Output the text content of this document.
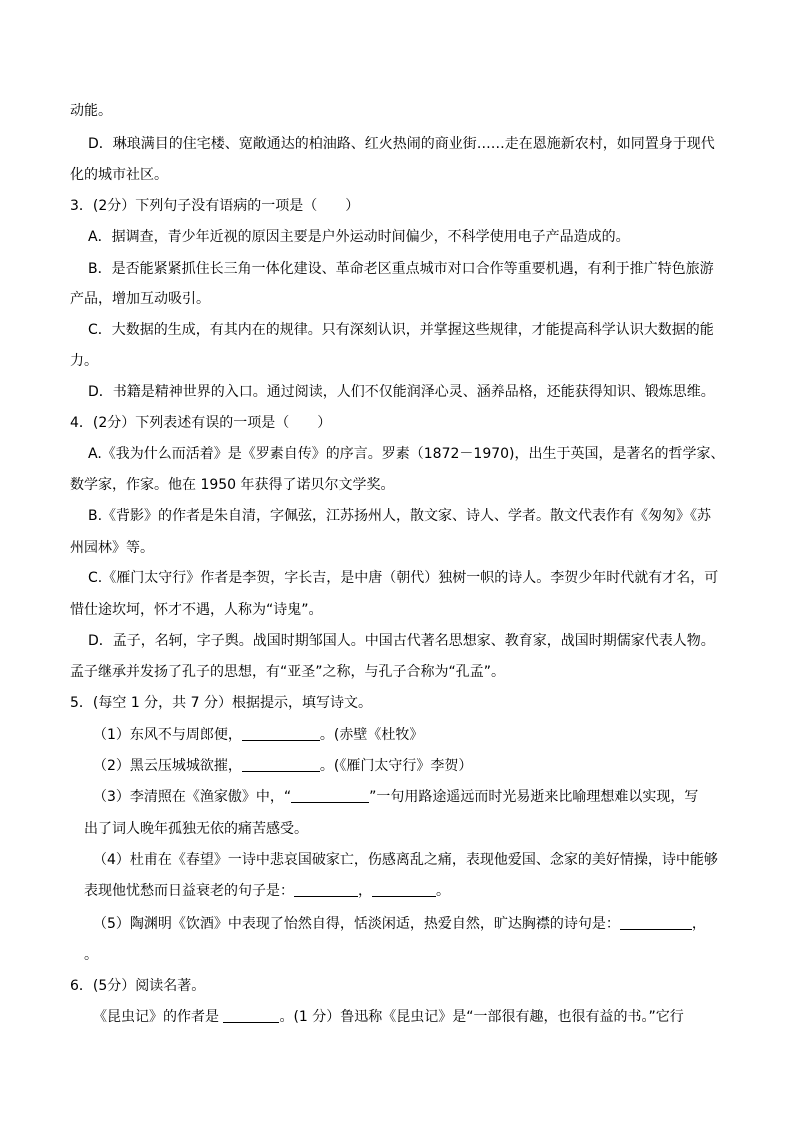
动能。
D．琳琅满目的住宅楼、宽敞通达的柏油路、红火热闹的商业街……走在恩施新农村，如同置身于现代
化的城市社区。
3．(2分）下列句子没有语病的一项是（　　）
A．据调查，青少年近视的原因主要是户外运动时间偏少，不科学使用电子产品造成的。
B．是否能紧紧抓住长三角一体化建设、革命老区重点城市对口合作等重要机遇，有利于推广特色旅游
产品，增加互动吸引。
C．大数据的生成，有其内在的规律。只有深刻认识，并掌握这些规律，才能提高科学认识大数据的能
力。
D．书籍是精神世界的入口。通过阅读，人们不仅能润泽心灵、涵养品格，还能获得知识、锻炼思维。
4．(2分）下列表述有误的一项是（　　）
A.《我为什么而活着》是《罗素自传》的序言。罗素（1872－1970)，出生于英国，是著名的哲学家、
数学家，作家。他在 1950 年获得了诺贝尔文学奖。
B.《背影》的作者是朱自清，字佩弦，江苏扬州人，散文家、诗人、学者。散文代表作有《匆匆》《苏
州园林》等。
C.《雁门太守行》作者是李贺，字长吉，是中唐（朝代）独树一帜的诗人。李贺少年时代就有才名，可
惜仕途坎坷，怀才不遇，人称为“诗鬼”。
D．孟子，名轲，字子舆。战国时期邹国人。中国古代著名思想家、教育家，战国时期儒家代表人物。
孟子继承并发扬了孔子的思想，有“亚圣”之称，与孔子合称为“孔孟”。
5．(每空 1 分，共 7 分）根据提示，填写诗文。
（1）东风不与周郎便，	。(赤壁《杜牧》
（2）黑云压城城欲摧，	。(《雁门太守行》李贺）
（3）李清照在《渔家傲》中，“	”一句用路途遥远而时光易逝来比喻理想难以实现，写
出了词人晚年孤独无依的痛苦感受。
（4）杜甫在《春望》一诗中悲哀国破家亡，伤感离乱之痛，表现他爱国、念家的美好情操，诗中能够
表现他忧愁而日益衰老的句子是：	，	。
（5）陶渊明《饮酒》中表现了怡然自得，恬淡闲适，热爱自然，旷达胸襟的诗句是：	，
。
6．(5分）阅读名著。
《昆虫记》的作者是	。(1 分）鲁迅称《昆虫记》是“一部很有趣，也很有益的书。”它行
